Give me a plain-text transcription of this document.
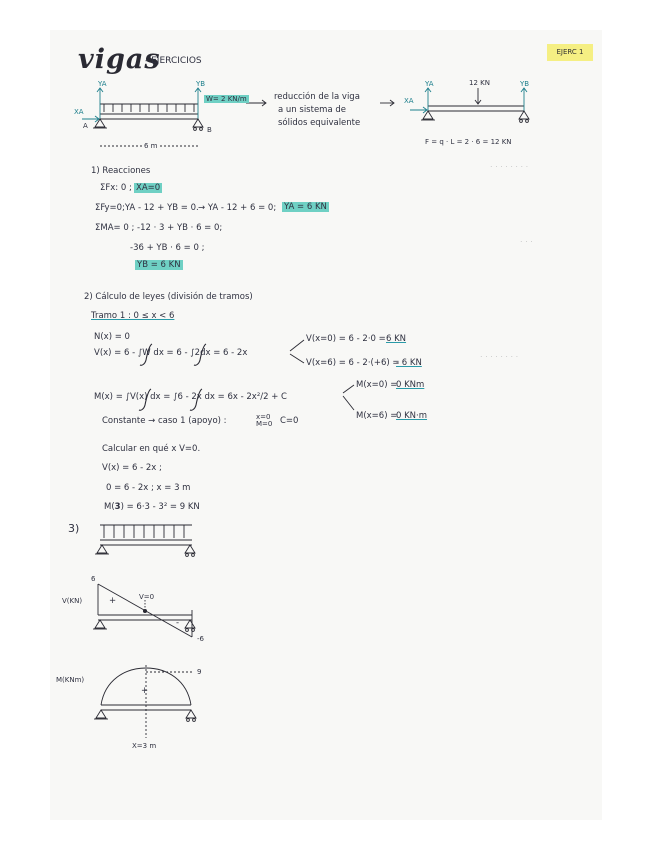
. . . . . . . .
. . .
. . . . . . . .
vigas
- EJERCICIOS
EJERC 1
YA	YB
XA
A	B
W= 2 KN/m
6 m
reducción de la viga
a un sistema de
sólidos equivalente
YA	YB
XA
12 KN
F = q · L = 2 · 6 = 12 KN
1) Reacciones
ΣFx: 0 ; XA=0
ΣFy=0;YA - 12 + YB = 0. → YA - 12 + 6 = 0; YA = 6 KN
ΣMA= 0 ; -12 · 3 + YB · 6 = 0;
-36 + YB · 6 = 0 ;
YB = 6 KN
2) Cálculo de leyes (división de tramos)
Tramo 1 : 0 ≤ x < 6
N(x) = 0
V(x) = 6 - ∫W dx = 6 - ∫2dx = 6 - 2x
V(x=0) = 6 - 2·0 = 6 KN
V(x=6) = 6 - 2·(+6) =
- 6 KN
M(x) = ∫V(x) dx = ∫6 - 2x dx = 6x - 2x²/2 + C
M(x=0) =
0 KNm
M(x=6) =
0 KN·m
Constante → caso 1 (apoyo) :	x=0 M=0 C=0
Calcular en qué x V=0.
V(x) = 6 - 2x ;
0 = 6 - 2x ; x = 3 m
M(3) = 6·3 - 3² = 9 KN
3)
V(KN)
6
+	V=0
-
-6
M(KNm)
9
+
X=3 m
